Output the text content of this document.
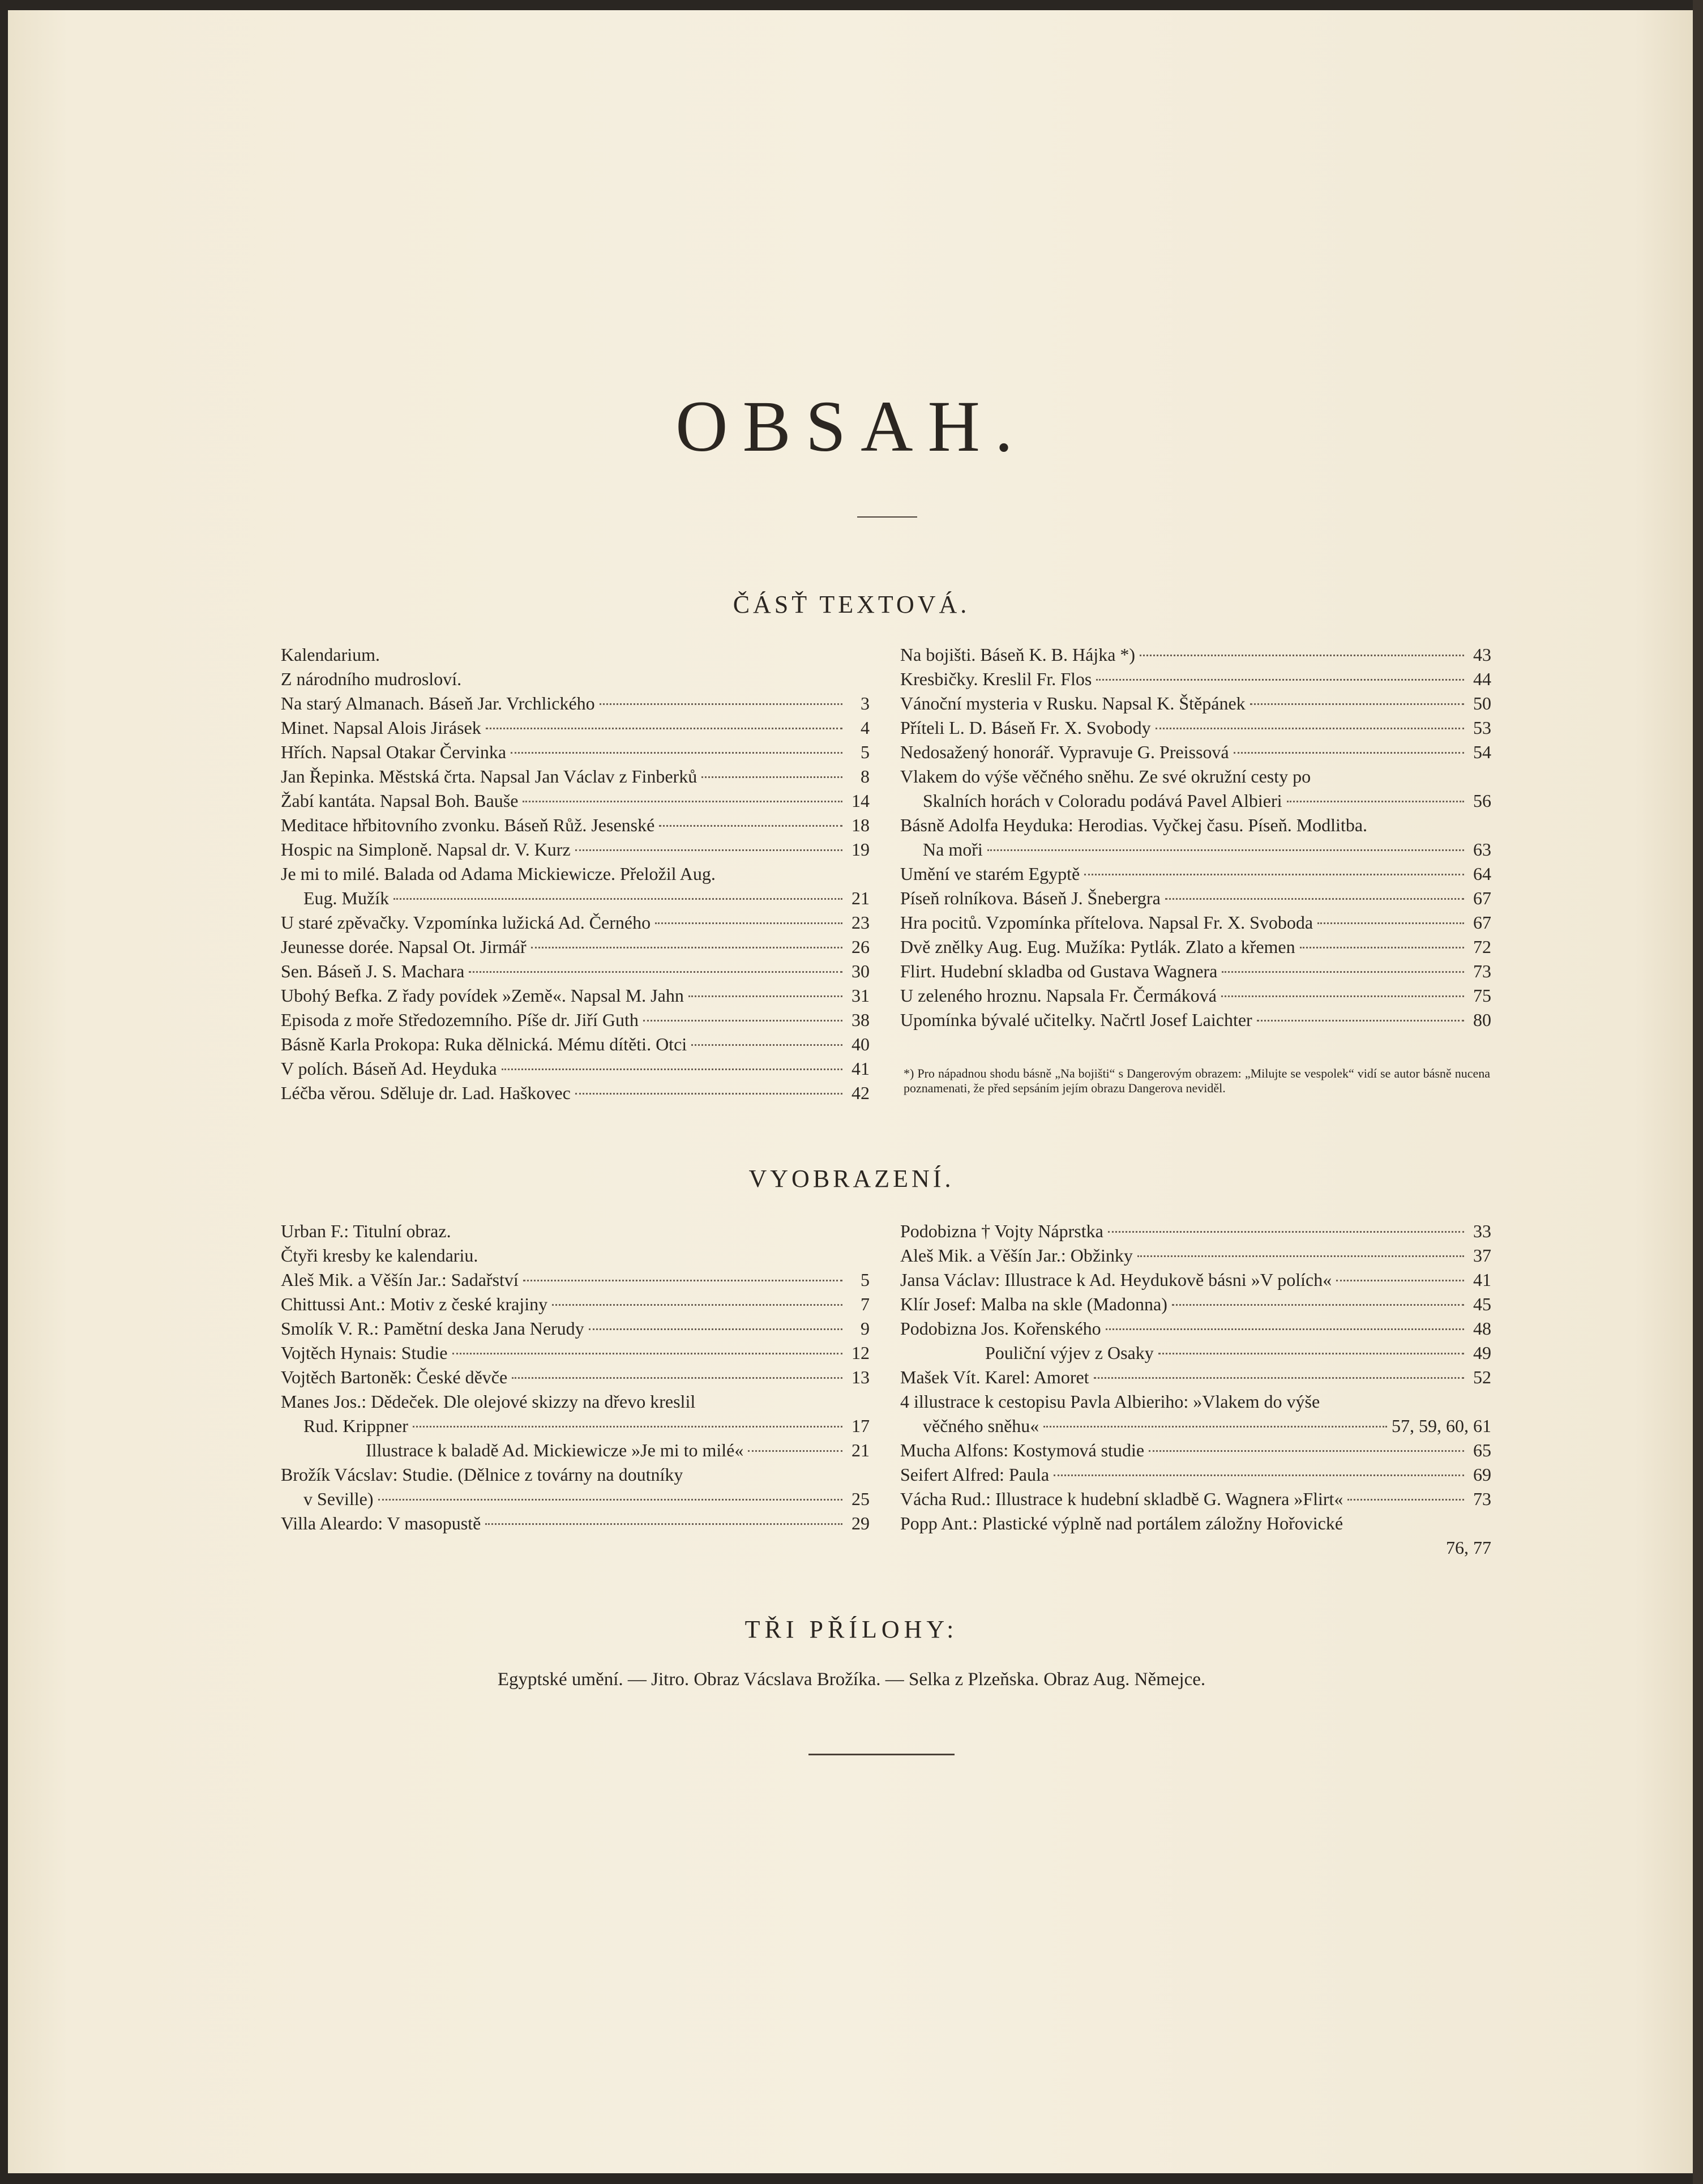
OBSAH.
ČÁSŤ TEXTOVÁ.
Kalendarium.
Z národního mudrosloví.
Na starý Almanach. Báseň Jar. Vrchlického	3
Minet. Napsal Alois Jirásek	4
Hřích. Napsal Otakar Červinka	5
Jan Řepinka. Městská črta. Napsal Jan Václav z Finberků	8
Žabí kantáta. Napsal Boh. Bauše	14
Meditace hřbitovního zvonku. Báseň Růž. Jesenské	18
Hospic na Simploně. Napsal dr. V. Kurz	19
Je mi to milé. Balada od Adama Mickiewicze. Přeložil Aug.
Eug. Mužík	21
U staré zpěvačky. Vzpomínka lužická Ad. Černého	23
Jeunesse dorée. Napsal Ot. Jirmář	26
Sen. Báseň J. S. Machara	30
Ubohý Befka. Z řady povídek »Země«. Napsal M. Jahn	31
Episoda z moře Středozemního. Píše dr. Jiří Guth	38
Básně Karla Prokopa: Ruka dělnická. Mému dítěti. Otci	40
V polích. Báseň Ad. Heyduka	41
Léčba věrou. Sděluje dr. Lad. Haškovec	42
Na bojišti. Báseň K. B. Hájka *)	43
Kresbičky. Kreslil Fr. Flos	44
Vánoční mysteria v Rusku. Napsal K. Štěpánek	50
Příteli L. D. Báseň Fr. X. Svobody	53
Nedosažený honorář. Vypravuje G. Preissová	54
Vlakem do výše věčného sněhu. Ze své okružní cesty po
Skalních horách v Coloradu podává Pavel Albieri	56
Básně Adolfa Heyduka: Herodias. Vyčkej času. Píseň. Modlitba.
Na moři	63
Umění ve starém Egyptě	64
Píseň rolníkova. Báseň J. Šnebergra	67
Hra pocitů. Vzpomínka přítelova. Napsal Fr. X. Svoboda	67
Dvě znělky Aug. Eug. Mužíka: Pytlák. Zlato a křemen	72
Flirt. Hudební skladba od Gustava Wagnera	73
U zeleného hroznu. Napsala Fr. Čermáková	75
Upomínka bývalé učitelky. Načrtl Josef Laichter	80
*) Pro nápadnou shodu básně „Na bojišti“ s Dangerovým obrazem: „Milujte se vespolek“ vidí se autor básně nucena poznamenati, že před sepsáním jejím obrazu Dangerova neviděl.
VYOBRAZENÍ.
Urban F.: Titulní obraz.
Čtyři kresby ke kalendariu.
Aleš Mik. a Věšín Jar.: Sadařství	5
Chittussi Ant.: Motiv z české krajiny	7
Smolík V. R.: Pamětní deska Jana Nerudy	9
Vojtěch Hynais: Studie	12
Vojtěch Bartoněk: České děvče	13
Manes Jos.: Dědeček. Dle olejové skizzy na dřevo kreslil
Rud. Krippner	17
Illustrace k baladě Ad. Mickiewicze »Je mi to milé«	21
Brožík Vácslav: Studie. (Dělnice z továrny na doutníky
v Seville)	25
Villa Aleardo: V masopustě	29
Podobizna † Vojty Náprstka	33
Aleš Mik. a Věšín Jar.: Obžinky	37
Jansa Václav: Illustrace k Ad. Heydukově básni »V polích«	41
Klír Josef: Malba na skle (Madonna)	45
Podobizna Jos. Kořenského	48
Pouliční výjev z Osaky	49
Mašek Vít. Karel: Amoret	52
4 illustrace k cestopisu Pavla Albieriho: »Vlakem do výše
věčného sněhu«	57, 59, 60, 61
Mucha Alfons: Kostymová studie	65
Seifert Alfred: Paula	69
Vácha Rud.: Illustrace k hudební skladbě G. Wagnera »Flirt«	73
Popp Ant.: Plastické výplně nad portálem záložny Hořovické
76, 77
TŘI PŘÍLOHY:
Egyptské umění. — Jitro. Obraz Vácslava Brožíka. — Selka z Plzeňska. Obraz Aug. Němejce.
